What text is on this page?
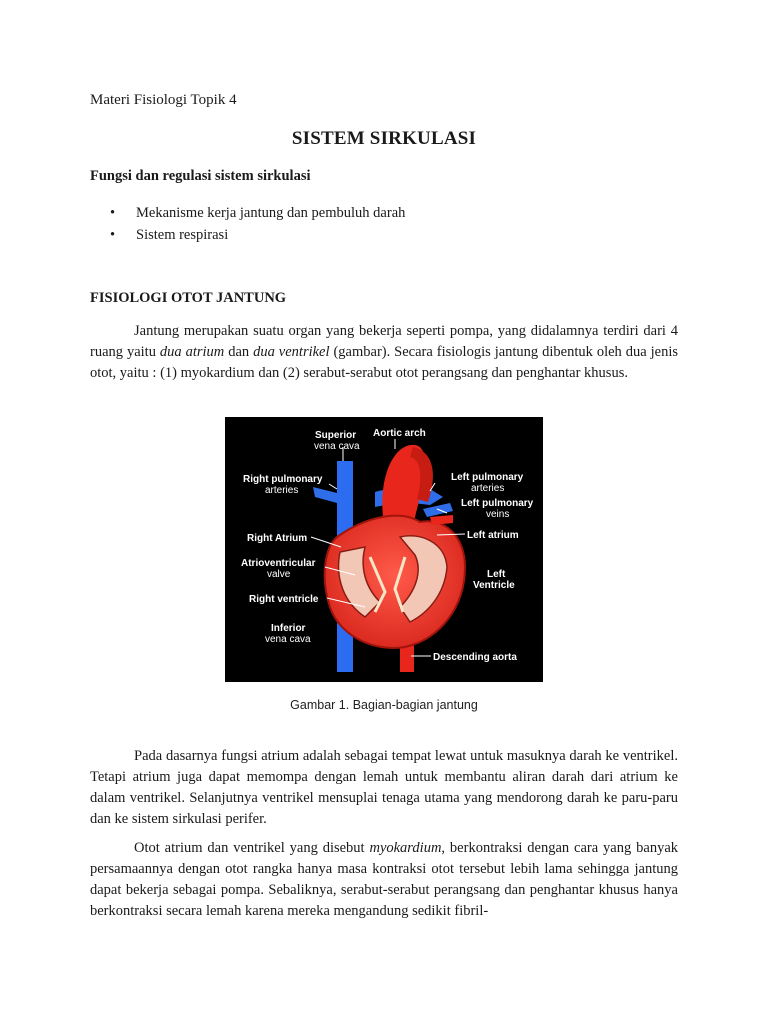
Materi Fisiologi Topik 4
SISTEM SIRKULASI
Fungsi dan regulasi sistem sirkulasi
• Mekanisme kerja jantung dan pembuluh darah
• Sistem respirasi
FISIOLOGI OTOT JANTUNG

Jantung merupakan suatu organ yang bekerja seperti pompa, yang didalamnya terdiri dari 4 ruang yaitu dua atrium dan dua ventrikel (gambar). Secara fisiologis jantung dibentuk oleh dua jenis otot, yaitu : (1) myokardium dan (2) serabut-serabut otot perangsang dan penghantar khusus.

Superior
vena cava
Aortic arch
Right pulmonary
arteries
Left pulmonary
arteries
Left pulmonary
veins
Right Atrium	Left atrium
Atrioventricular
valve	Left
Ventricle
Right ventricle
Inferior
vena cava
Descending aorta
Gambar 1. Bagian-bagian jantung

Pada dasarnya fungsi atrium adalah sebagai tempat lewat untuk masuknya darah ke ventrikel. Tetapi atrium juga dapat memompa dengan lemah untuk membantu aliran darah dari atrium ke dalam ventrikel. Selanjutnya ventrikel mensuplai tenaga utama yang mendorong darah ke paru-paru dan ke sistem sirkulasi perifer.

Otot atrium dan ventrikel yang disebut myokardium, berkontraksi dengan cara yang banyak persamaannya dengan otot rangka hanya masa kontraksi otot tersebut lebih lama sehingga jantung dapat bekerja sebagai pompa. Sebaliknya, serabut-serabut perangsang dan penghantar khusus hanya berkontraksi secara lemah karena mereka mengandung sedikit fibril-
